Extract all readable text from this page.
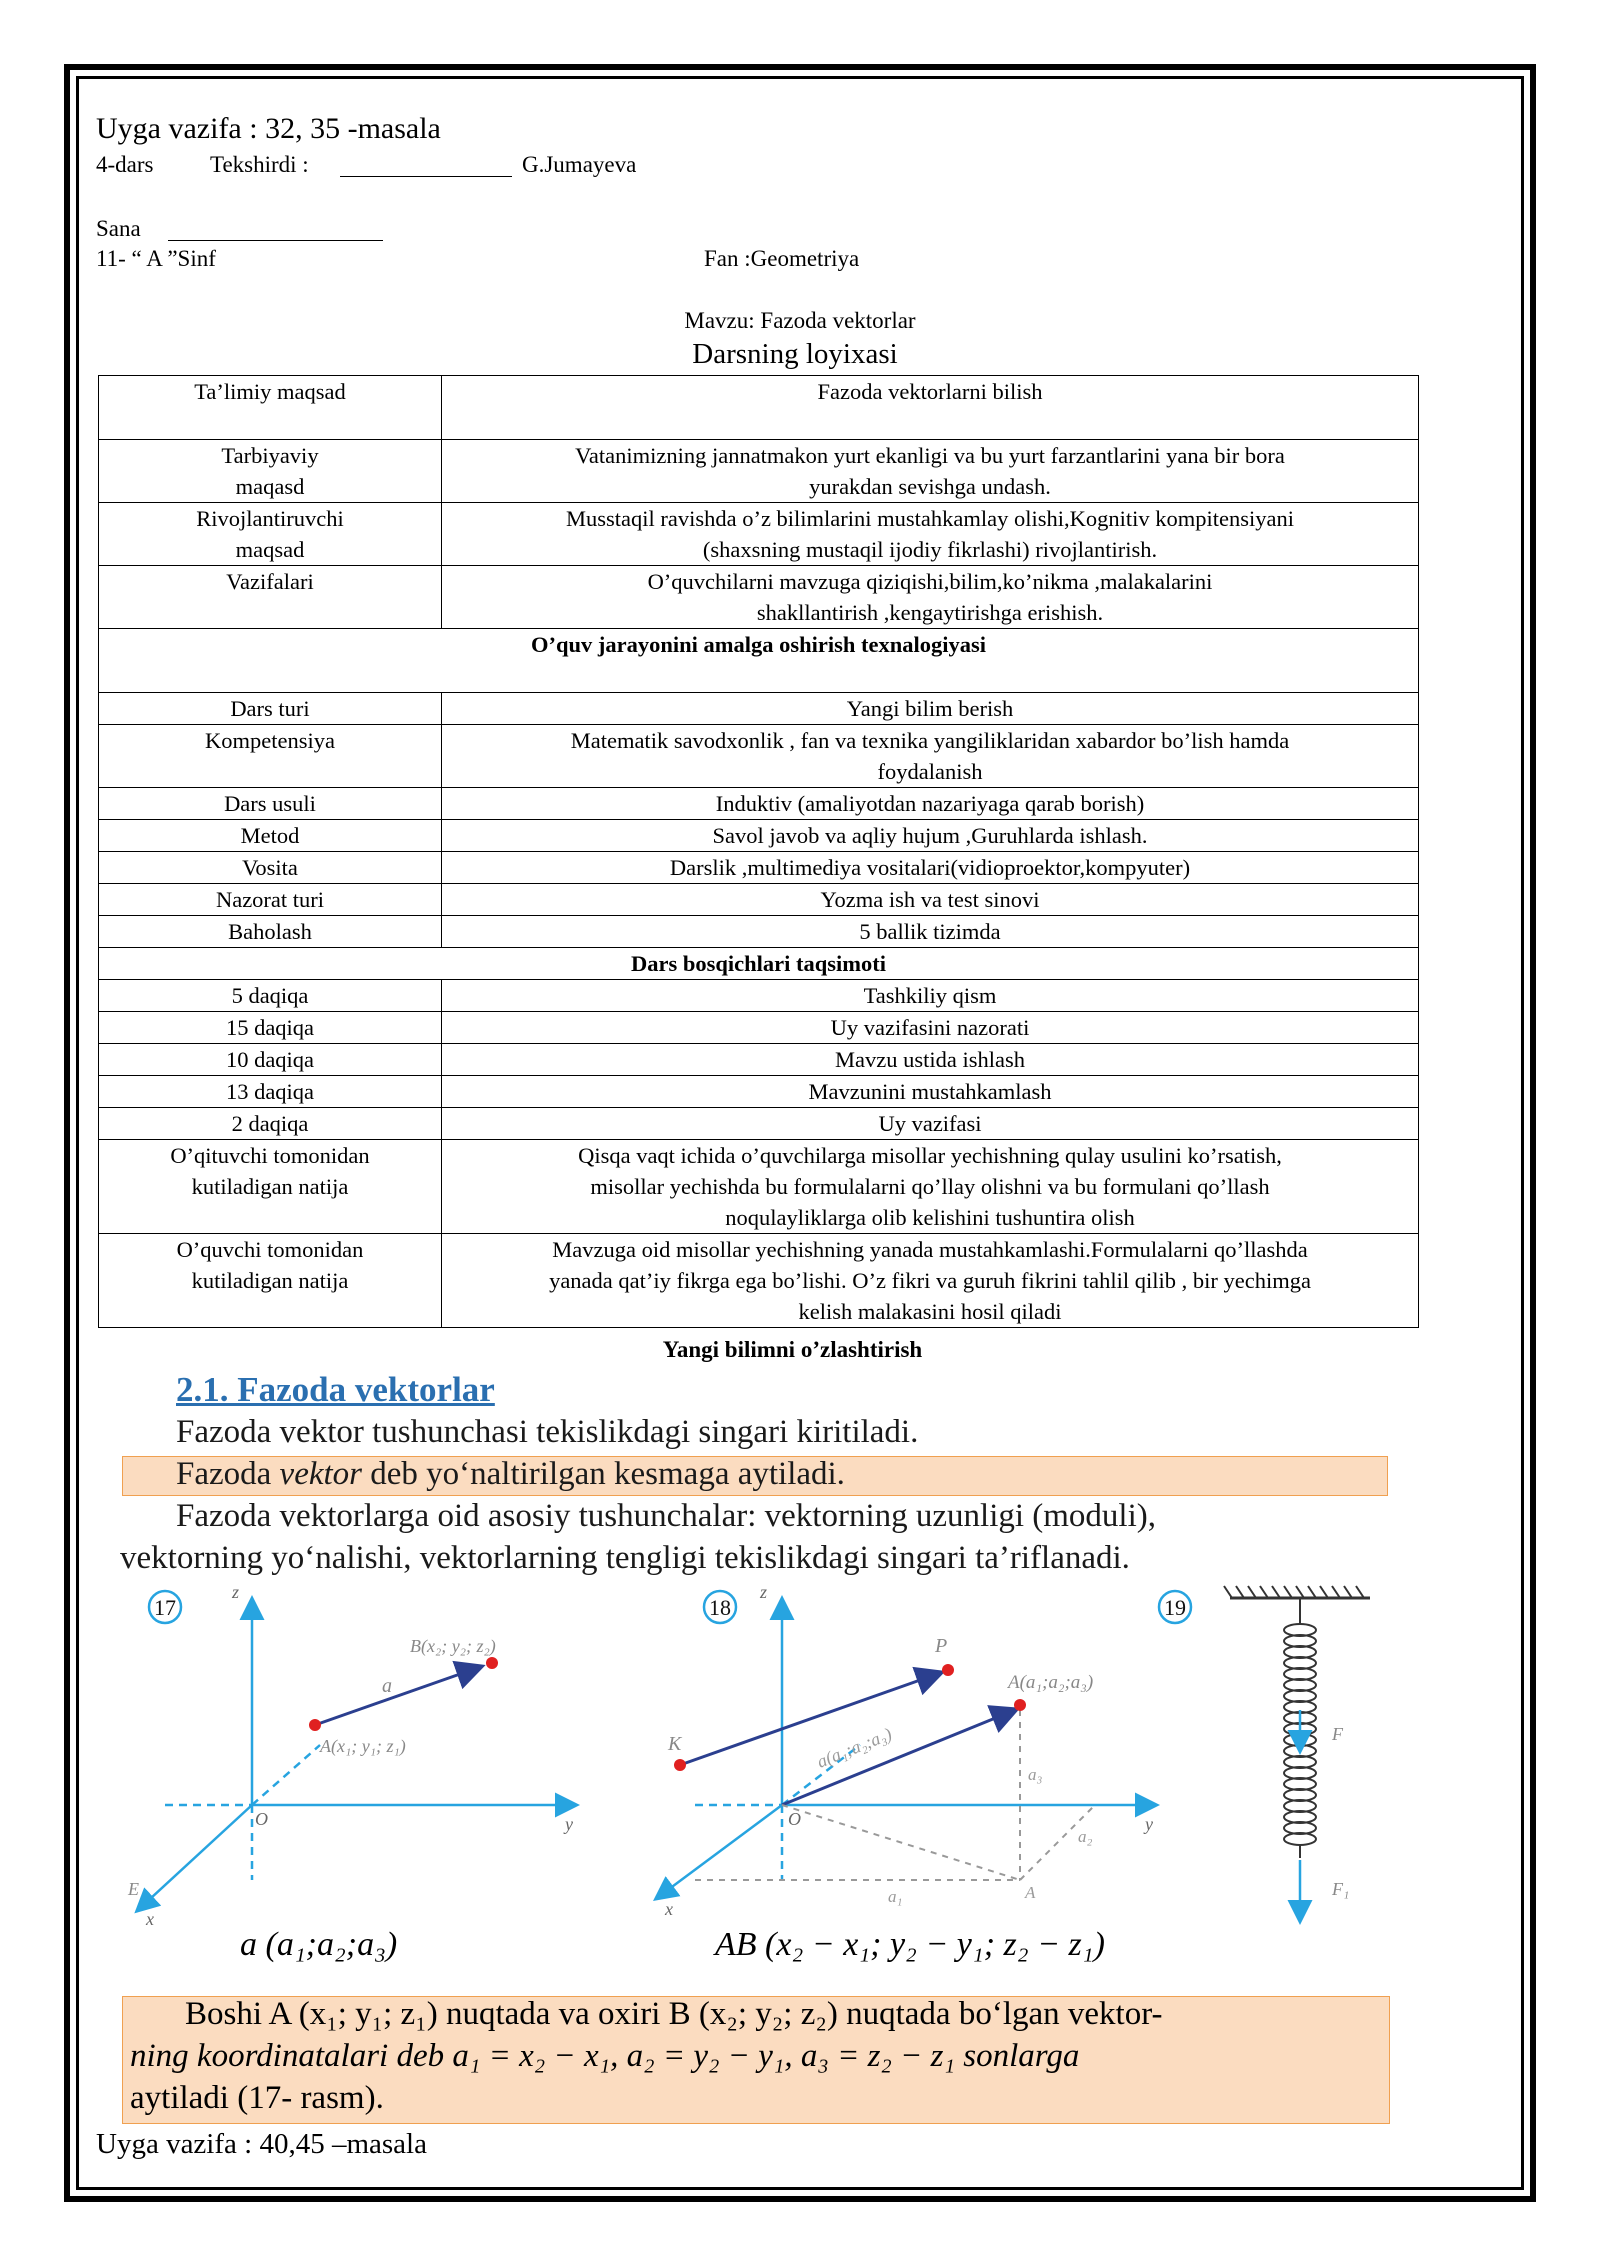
Uyga vazifa : 32, 35 -masala
4-dars Tekshirdi :	G.Jumayeva
Sana
11- “ A ”Sinf	Fan :Geometriya
Mavzu: Fazoda vektorlar
Darsning loyixasi
Ta’limiy maqsad	Fazoda vektorlarni bilish
Tarbiyaviy
maqasd	Vatanimizning jannatmakon yurt ekanligi va bu yurt farzantlarini yana bir bora
yurakdan sevishga undash.
Rivojlantiruvchi
maqsad	Musstaqil ravishda o’z bilimlarini mustahkamlay olishi,Kognitiv kompitensiyani
(shaxsning mustaqil ijodiy fikrlashi) rivojlantirish.
Vazifalari	O’quvchilarni mavzuga qiziqishi,bilim,ko’nikma ,malakalarini
shakllantirish ,kengaytirishga erishish.
O’quv jarayonini amalga oshirish texnalogiyasi	
Dars turi	Yangi bilim berish
Kompetensiya	Matematik savodxonlik , fan va texnika yangiliklaridan xabardor bo’lish hamda
foydalanish
Dars usuli	Induktiv (amaliyotdan nazariyaga qarab borish)
Metod	Savol javob va aqliy hujum ,Guruhlarda ishlash.
Vosita	Darslik ,multimediya vositalari(vidioproektor,kompyuter)
Nazorat turi	Yozma ish va test sinovi
Baholash	5 ballik tizimda
Dars bosqichlari taqsimoti	
5 daqiqa	Tashkiliy qism
15 daqiqa	Uy vazifasini nazorati
10 daqiqa	Mavzu ustida ishlash
13 daqiqa	Mavzunini mustahkamlash
2 daqiqa	Uy vazifasi
O’qituvchi tomonidan
kutiladigan natija	Qisqa vaqt ichida o’quvchilarga misollar yechishning qulay usulini ko’rsatish,
misollar yechishda bu formulalarni qo’llay olishni va bu formulani qo’llash
noqulayliklarga olib kelishini tushuntira olish
O’quvchi tomonidan
kutiladigan natija	Mavzuga oid misollar yechishning yanada mustahkamlashi.Formulalarni qo’llashda
yanada qat’iy fikrga ega bo’lishi. O’z fikri va guruh fikrini tahlil qilib , bir yechimga
kelish malakasini hosil qiladi
Yangi bilimni o’zlashtirish
2.1. Fazoda vektorlar
Fazoda vektor tushunchasi tekislikdagi singari kiritiladi.
Fazoda vektor deb yo‘naltirilgan kesmaga aytiladi.
Fazoda vektorlarga oid asosiy tushunchalar: vektorning uzunligi (moduli),
vektorning yo‘nalishi, vektorlarning tengligi tekislikdagi singari ta’riflanadi.
17
z
y
x
O
E
B(x₂; y₂; z₂)
a
A(x₁; y₁; z₁)
18
z
y
x
O
P
K
A(a₁;a₂;a₃)
a(a₁;a₂;a₃)
a₃
a₂
a₁	A
19
F
F₁
a (a₁;a₂;a₃)	AB (x₂ − x₁; y₂ − y₁; z₂ − z₁)
Boshi A (x₁; y₁; z₁) nuqtada va oxiri B (x₂; y₂; z₂) nuqtada bo‘lgan vektor-
ning koordinatalari deb a₁ = x₂ − x₁, a₂ = y₂ − y₁, a₃ = z₂ − z₁ sonlarga
aytiladi (17- rasm).
Uyga vazifa : 40,45 –masala
